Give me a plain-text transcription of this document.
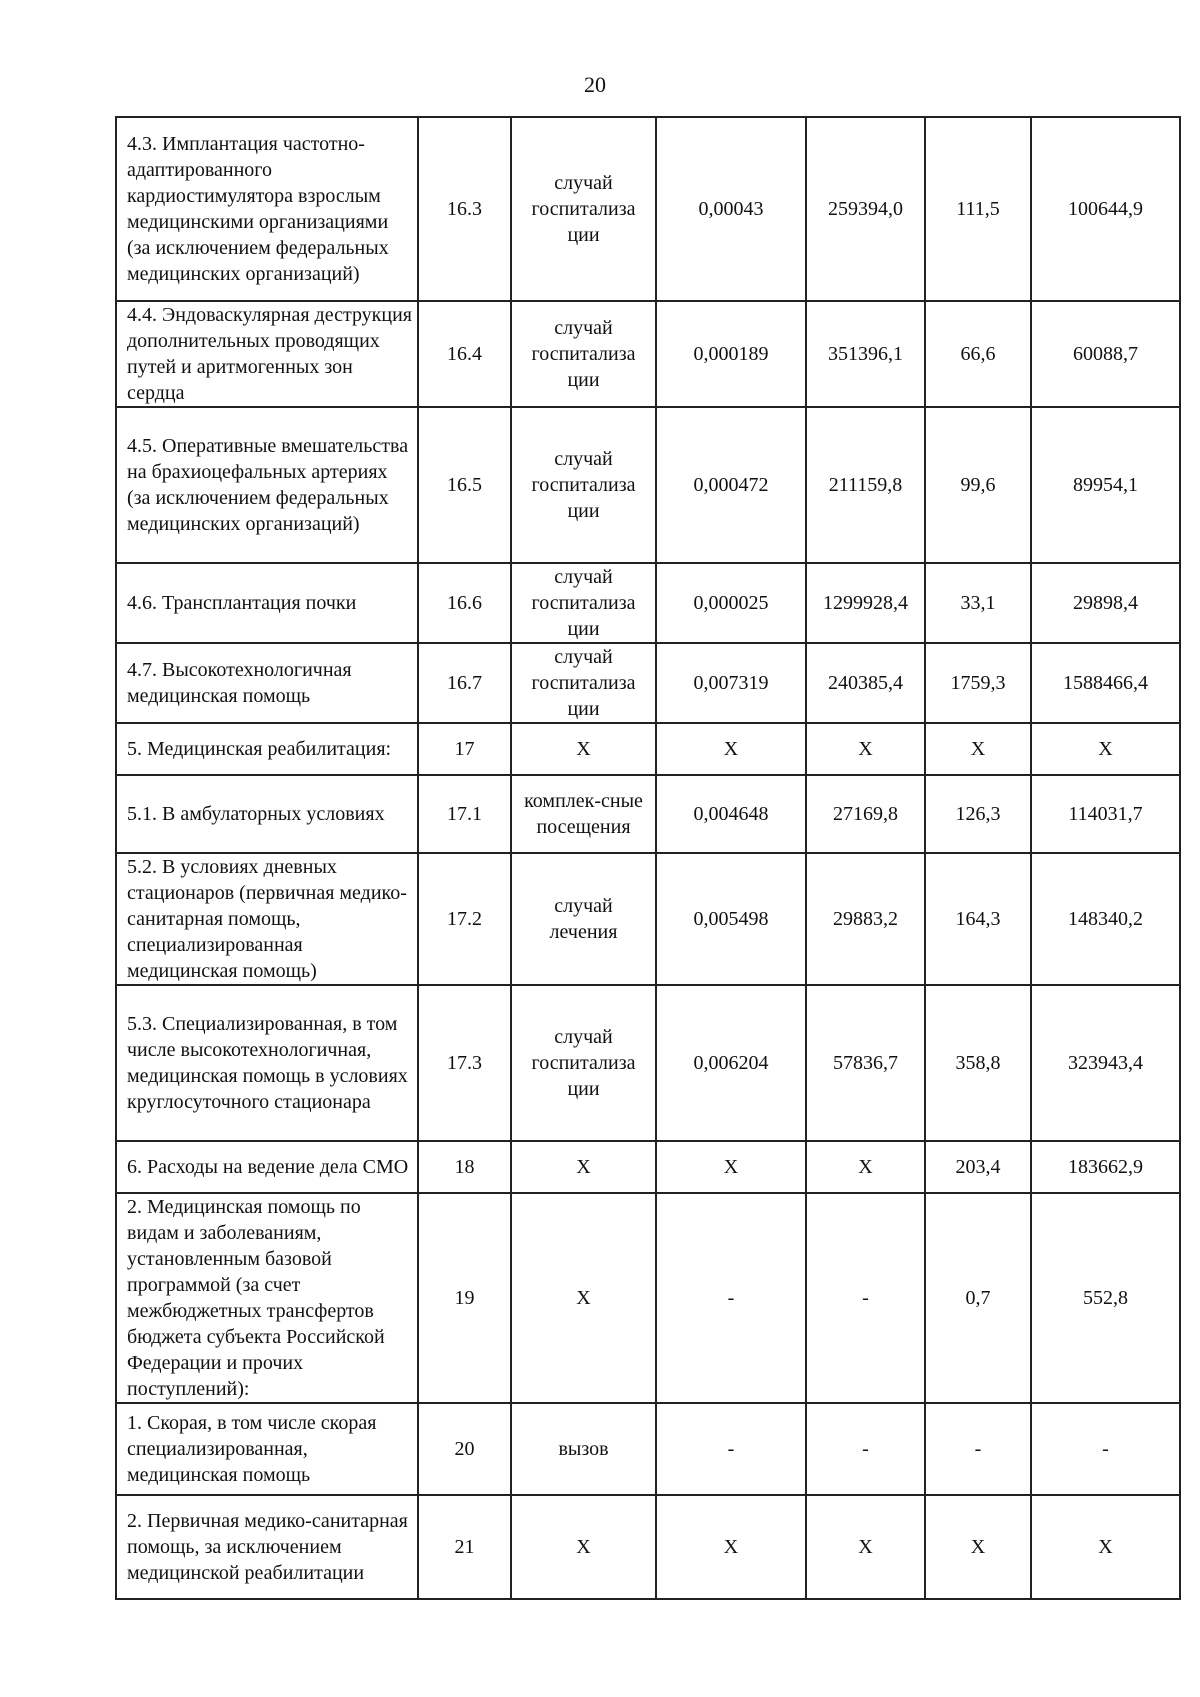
20
4.3. Имплантация частотно-адаптированного кардиостимулятора взрослым медицинскими организациями (за исключением федеральных медицинских организаций)	16.3	случай госпитализа ции	0,00043	259394,0	111,5	100644,9
4.4. Эндоваскулярная деструкция дополнительных проводящих путей и аритмогенных зон сердца	16.4	случай госпитализа ции	0,000189	351396,1	66,6	60088,7
4.5. Оперативные вмешательства на брахиоцефальных артериях (за исключением федеральных медицинских организаций)	16.5	случай госпитализа ции	0,000472	211159,8	99,6	89954,1
4.6. Трансплантация почки	16.6	случай госпитализа ции	0,000025	1299928,4	33,1	29898,4
4.7. Высокотехнологичная медицинская помощь	16.7	случай госпитализа ции	0,007319	240385,4	1759,3	1588466,4
5. Медицинская реабилитация:	17	Х	Х	Х	Х	Х
5.1. В амбулаторных условиях	17.1	комплек-сные посещения	0,004648	27169,8	126,3	114031,7
5.2. В условиях дневных стационаров (первичная медико-санитарная помощь, специализированная медицинская помощь)	17.2	случай лечения	0,005498	29883,2	164,3	148340,2
5.3. Специализированная, в том числе высокотехнологичная, медицинская помощь в условиях круглосуточного стационара	17.3	случай госпитализа ции	0,006204	57836,7	358,8	323943,4
6. Расходы на ведение дела СМО	18	Х	Х	Х	203,4	183662,9
2. Медицинская помощь по видам и заболеваниям, установленным базовой программой (за счет межбюджетных трансфертов бюджета субъекта Российской Федерации и прочих поступлений):	19	Х	-	-	0,7	552,8
1. Скорая, в том числе скорая специализированная, медицинская помощь	20	вызов	-	-	-	-
2. Первичная медико-санитарная помощь, за исключением медицинской реабилитации	21	Х	Х	Х	Х	Х
